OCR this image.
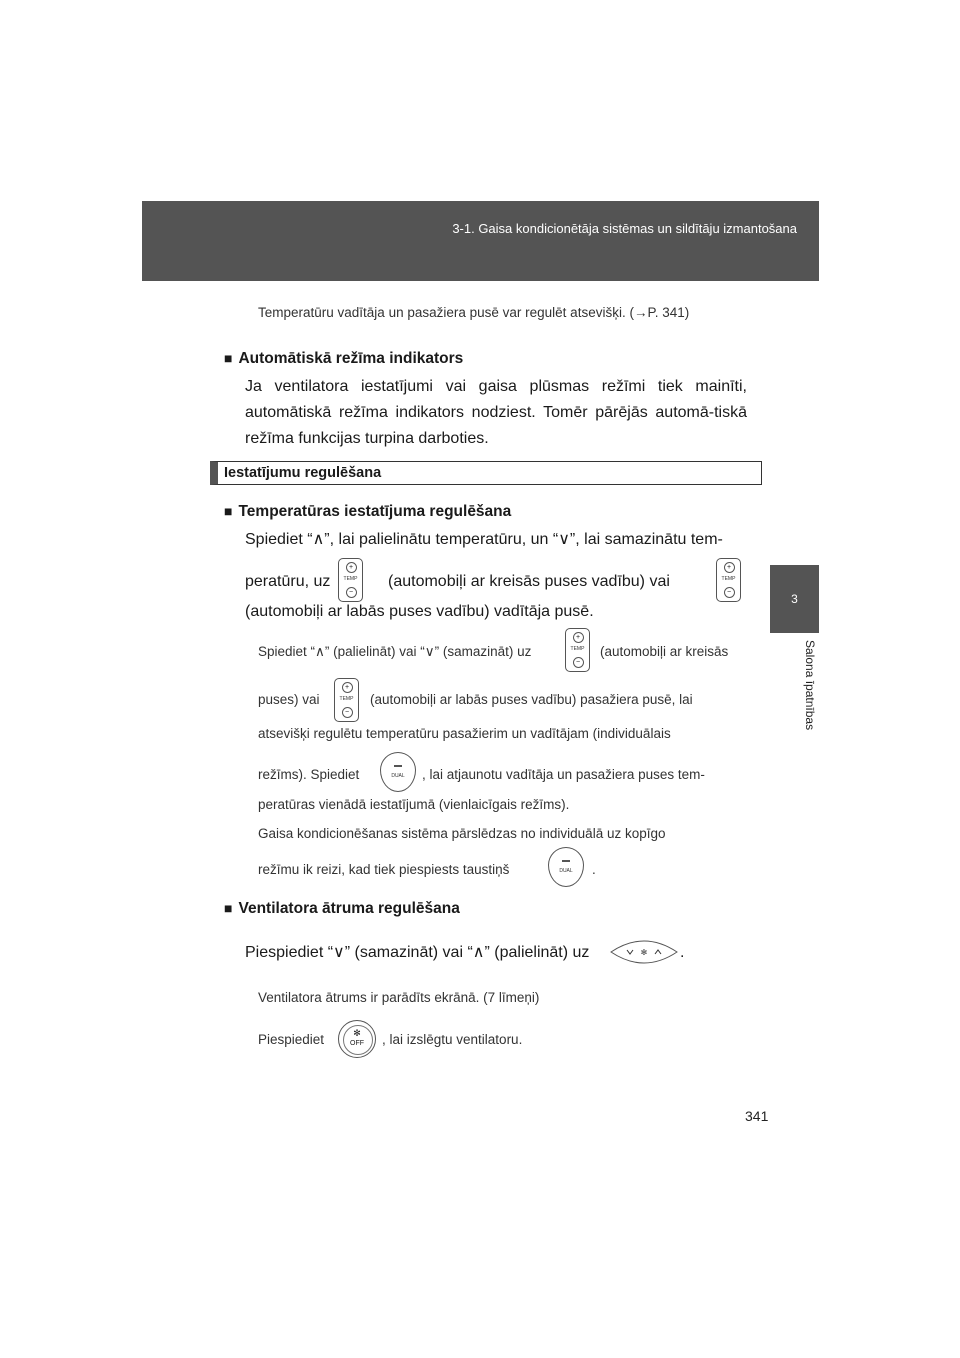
3-1. Gaisa kondicionētāja sistēmas un sildītāju izmantošana
3
Salona īpatnības

Temperatūru vadītāja un pasažiera pusē var regulēt atsevišķi. (→P. 341)

■ Automātiskā režīma indikators

Ja ventilatora iestatījumi vai gaisa plūsmas režīmi tiek mainīti, automātiskā režīma indikators nodziest. Tomēr pārējās automā-tiskā režīma funkcijas turpina darboties.

Iestatījumu regulēšana

■ Temperatūras iestatījuma regulēšana

Spiediet “∧”, lai palielinātu temperatūru, un “∨”, lai samazinātu tem-

peratūru, uz

+
TEMP
−

(automobiļi ar kreisās puses vadību) vai

+
TEMP
−

(automobiļi ar labās puses vadību) vadītāja pusē.

Spiediet “∧” (palielināt) vai “∨” (samazināt) uz

+
TEMP
−

(automobiļi ar kreisās

puses) vai

+
TEMP
−

(automobiļi ar labās puses vadību) pasažiera pusē, lai

atsevišķi regulētu temperatūru pasažierim un vadītājam (individuālais

režīms). Spiediet	DUAL	, lai atjaunotu vadītāja un pasažiera puses tem-

peratūras vienādā iestatījumā (vienlaicīgais režīms).

Gaisa kondicionēšanas sistēma pārslēdzas no individuālā uz kopīgo

režīmu ik reizi, kad tiek piespiests taustiņš	DUAL	.

■ Ventilatora ātruma regulēšana

Piespiediet “∨” (samazināt) vai “∧” (palielināt) uz	✻ .

Ventilatora ātrums ir parādīts ekrānā. (7 līmeņi)

Piespiediet	✻
OFF	, lai izslēgtu ventilatoru.

341
